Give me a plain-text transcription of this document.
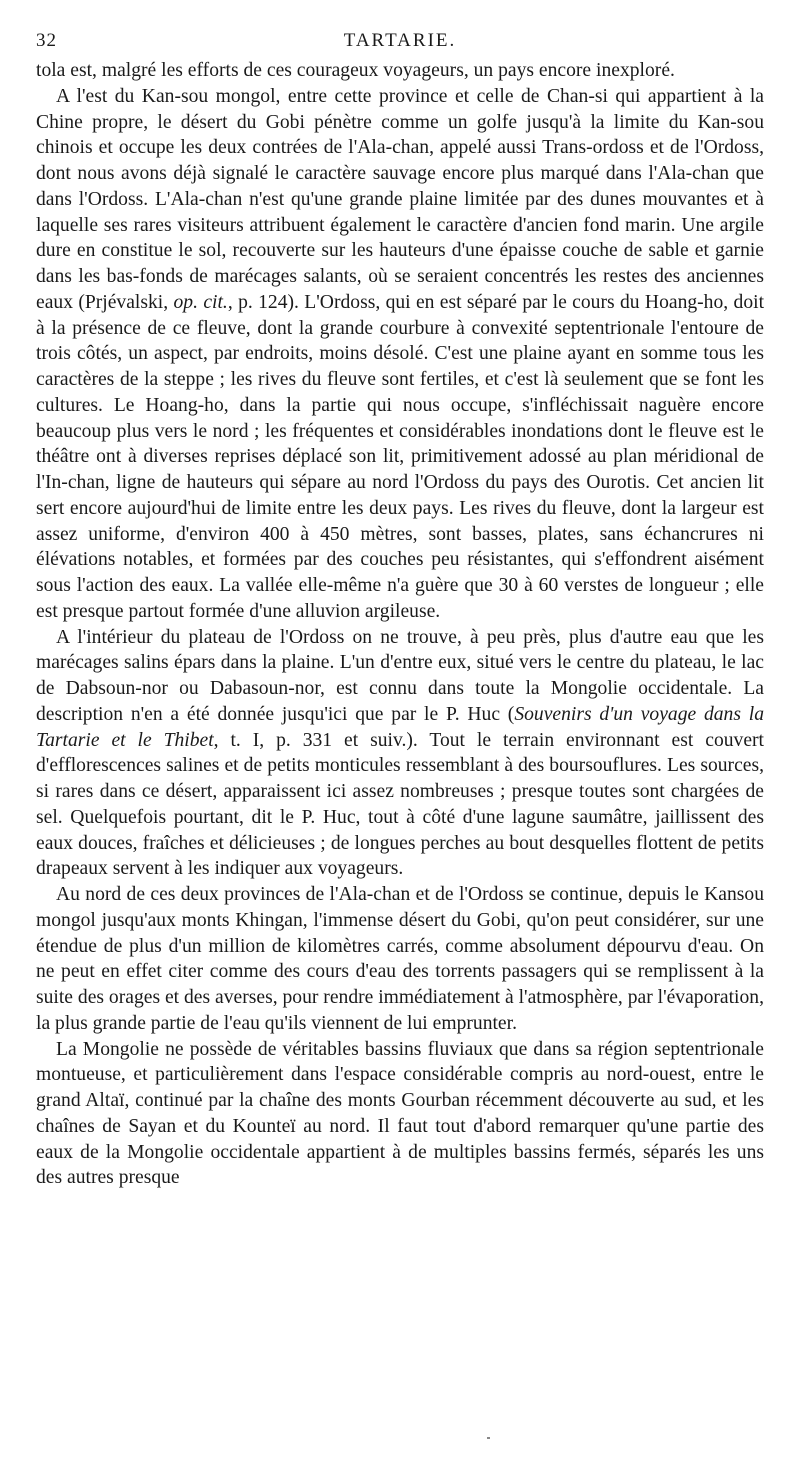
32	TARTARIE.

tola est, malgré les efforts de ces courageux voyageurs, un pays encore inexploré.

A l'est du Kan-sou mongol, entre cette province et celle de Chan-si qui appartient à la Chine propre, le désert du Gobi pénètre comme un golfe jusqu'à la limite du Kan-sou chinois et occupe les deux contrées de l'Ala-chan, appelé aussi Trans-ordoss et de l'Ordoss, dont nous avons déjà signalé le caractère sauvage encore plus marqué dans l'Ala-chan que dans l'Ordoss. L'Ala-chan n'est qu'une grande plaine limitée par des dunes mouvantes et à laquelle ses rares visiteurs attribuent également le caractère d'ancien fond marin. Une argile dure en constitue le sol, recouverte sur les hauteurs d'une épaisse couche de sable et garnie dans les bas-fonds de marécages salants, où se seraient concentrés les restes des anciennes eaux (Prjévalski, op. cit., p. 124). L'Ordoss, qui en est séparé par le cours du Hoang-ho, doit à la présence de ce fleuve, dont la grande courbure à convexité septentrionale l'entoure de trois côtés, un aspect, par endroits, moins désolé. C'est une plaine ayant en somme tous les caractères de la steppe ; les rives du fleuve sont fertiles, et c'est là seulement que se font les cultures. Le Hoang-ho, dans la partie qui nous occupe, s'infléchissait naguère encore beaucoup plus vers le nord ; les fréquentes et considérables inondations dont le fleuve est le théâtre ont à diverses reprises déplacé son lit, primitivement adossé au plan méridional de l'In-chan, ligne de hauteurs qui sépare au nord l'Ordoss du pays des Ourotis. Cet ancien lit sert encore aujourd'hui de limite entre les deux pays. Les rives du fleuve, dont la largeur est assez uniforme, d'environ 400 à 450 mètres, sont basses, plates, sans échancrures ni élévations notables, et formées par des couches peu résistantes, qui s'effondrent aisément sous l'action des eaux. La vallée elle-même n'a guère que 30 à 60 verstes de longueur ; elle est presque partout formée d'une alluvion argileuse.

A l'intérieur du plateau de l'Ordoss on ne trouve, à peu près, plus d'autre eau que les marécages salins épars dans la plaine. L'un d'entre eux, situé vers le centre du plateau, le lac de Dabsoun-nor ou Dabasoun-nor, est connu dans toute la Mongolie occidentale. La description n'en a été donnée jusqu'ici que par le P. Huc (Souvenirs d'un voyage dans la Tartarie et le Thibet, t. I, p. 331 et suiv.). Tout le terrain environnant est couvert d'efflorescences salines et de petits monticules ressemblant à des boursouflures. Les sources, si rares dans ce désert, apparaissent ici assez nombreuses ; presque toutes sont chargées de sel. Quelquefois pourtant, dit le P. Huc, tout à côté d'une lagune saumâtre, jaillissent des eaux douces, fraîches et délicieuses ; de longues perches au bout desquelles flottent de petits drapeaux servent à les indiquer aux voyageurs.

Au nord de ces deux provinces de l'Ala-chan et de l'Ordoss se continue, depuis le Kansou mongol jusqu'aux monts Khingan, l'immense désert du Gobi, qu'on peut considérer, sur une étendue de plus d'un million de kilomètres carrés, comme absolument dépourvu d'eau. On ne peut en effet citer comme des cours d'eau des torrents passagers qui se remplissent à la suite des orages et des averses, pour rendre immédiatement à l'atmosphère, par l'évaporation, la plus grande partie de l'eau qu'ils viennent de lui emprunter.

La Mongolie ne possède de véritables bassins fluviaux que dans sa région septentrionale montueuse, et particulièrement dans l'espace considérable compris au nord-ouest, entre le grand Altaï, continué par la chaîne des monts Gourban récemment découverte au sud, et les chaînes de Sayan et du Kounteï au nord. Il faut tout d'abord remarquer qu'une partie des eaux de la Mongolie occidentale appartient à de multiples bassins fermés, séparés les uns des autres presque
